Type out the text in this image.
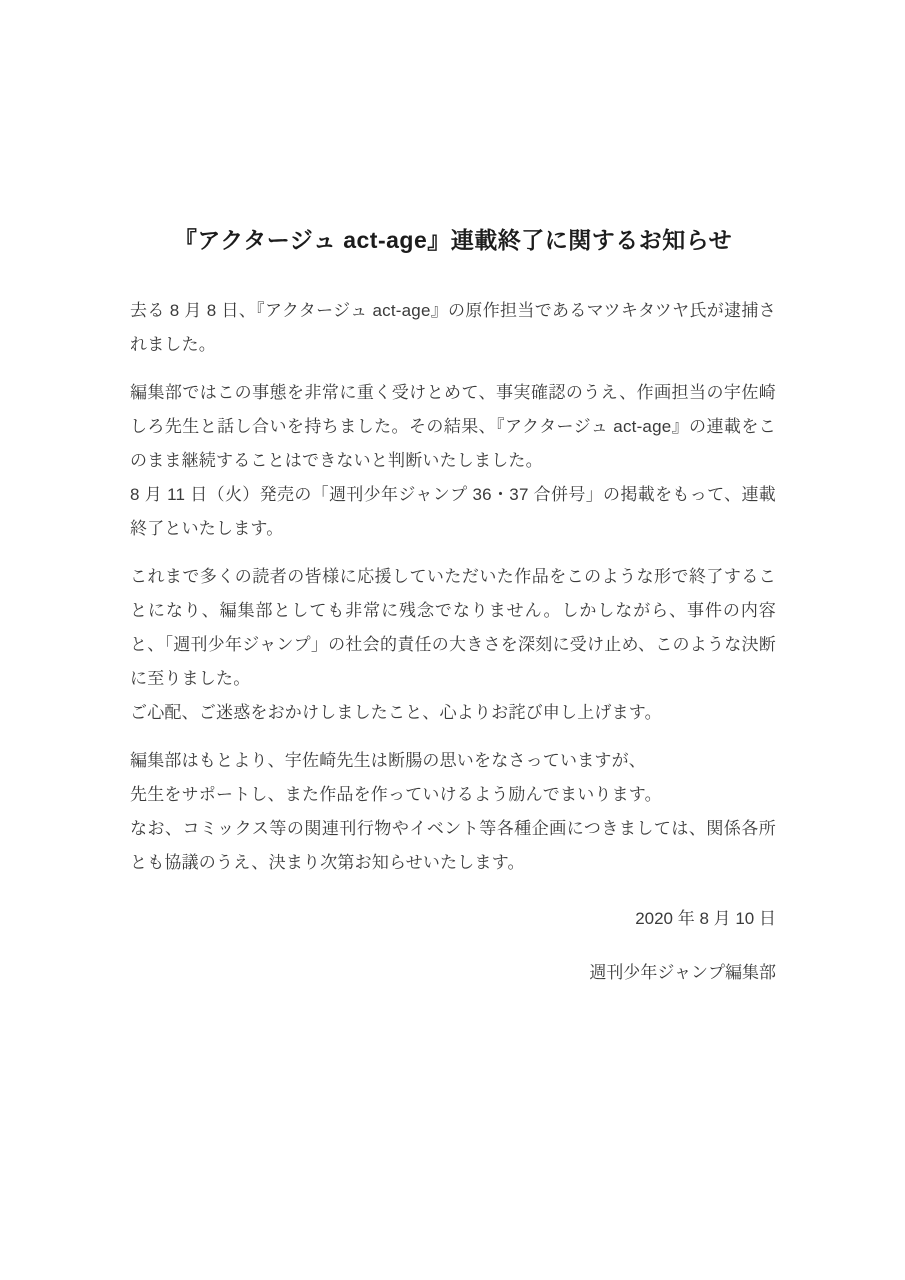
『アクタージュ act-age』連載終了に関するお知らせ

去る 8 月 8 日、『アクタージュ act-age』の原作担当であるマツキタツヤ氏が逮捕されました。

編集部ではこの事態を非常に重く受けとめて、事実確認のうえ、作画担当の宇佐崎しろ先生と話し合いを持ちました。その結果、『アクタージュ act-age』の連載をこのまま継続することはできないと判断いたしました。
8 月 11 日（火）発売の「週刊少年ジャンプ 36・37 合併号」の掲載をもって、連載終了といたします。

これまで多くの読者の皆様に応援していただいた作品をこのような形で終了することになり、編集部としても非常に残念でなりません。しかしながら、事件の内容と、「週刊少年ジャンプ」の社会的責任の大きさを深刻に受け止め、このような決断に至りました。
ご心配、ご迷惑をおかけしましたこと、心よりお詫び申し上げます。

編集部はもとより、宇佐崎先生は断腸の思いをなさっていますが、
先生をサポートし、また作品を作っていけるよう励んでまいります。
なお、コミックス等の関連刊行物やイベント等各種企画につきましては、関係各所とも協議のうえ、決まり次第お知らせいたします。

2020 年 8 月 10 日
週刊少年ジャンプ編集部
